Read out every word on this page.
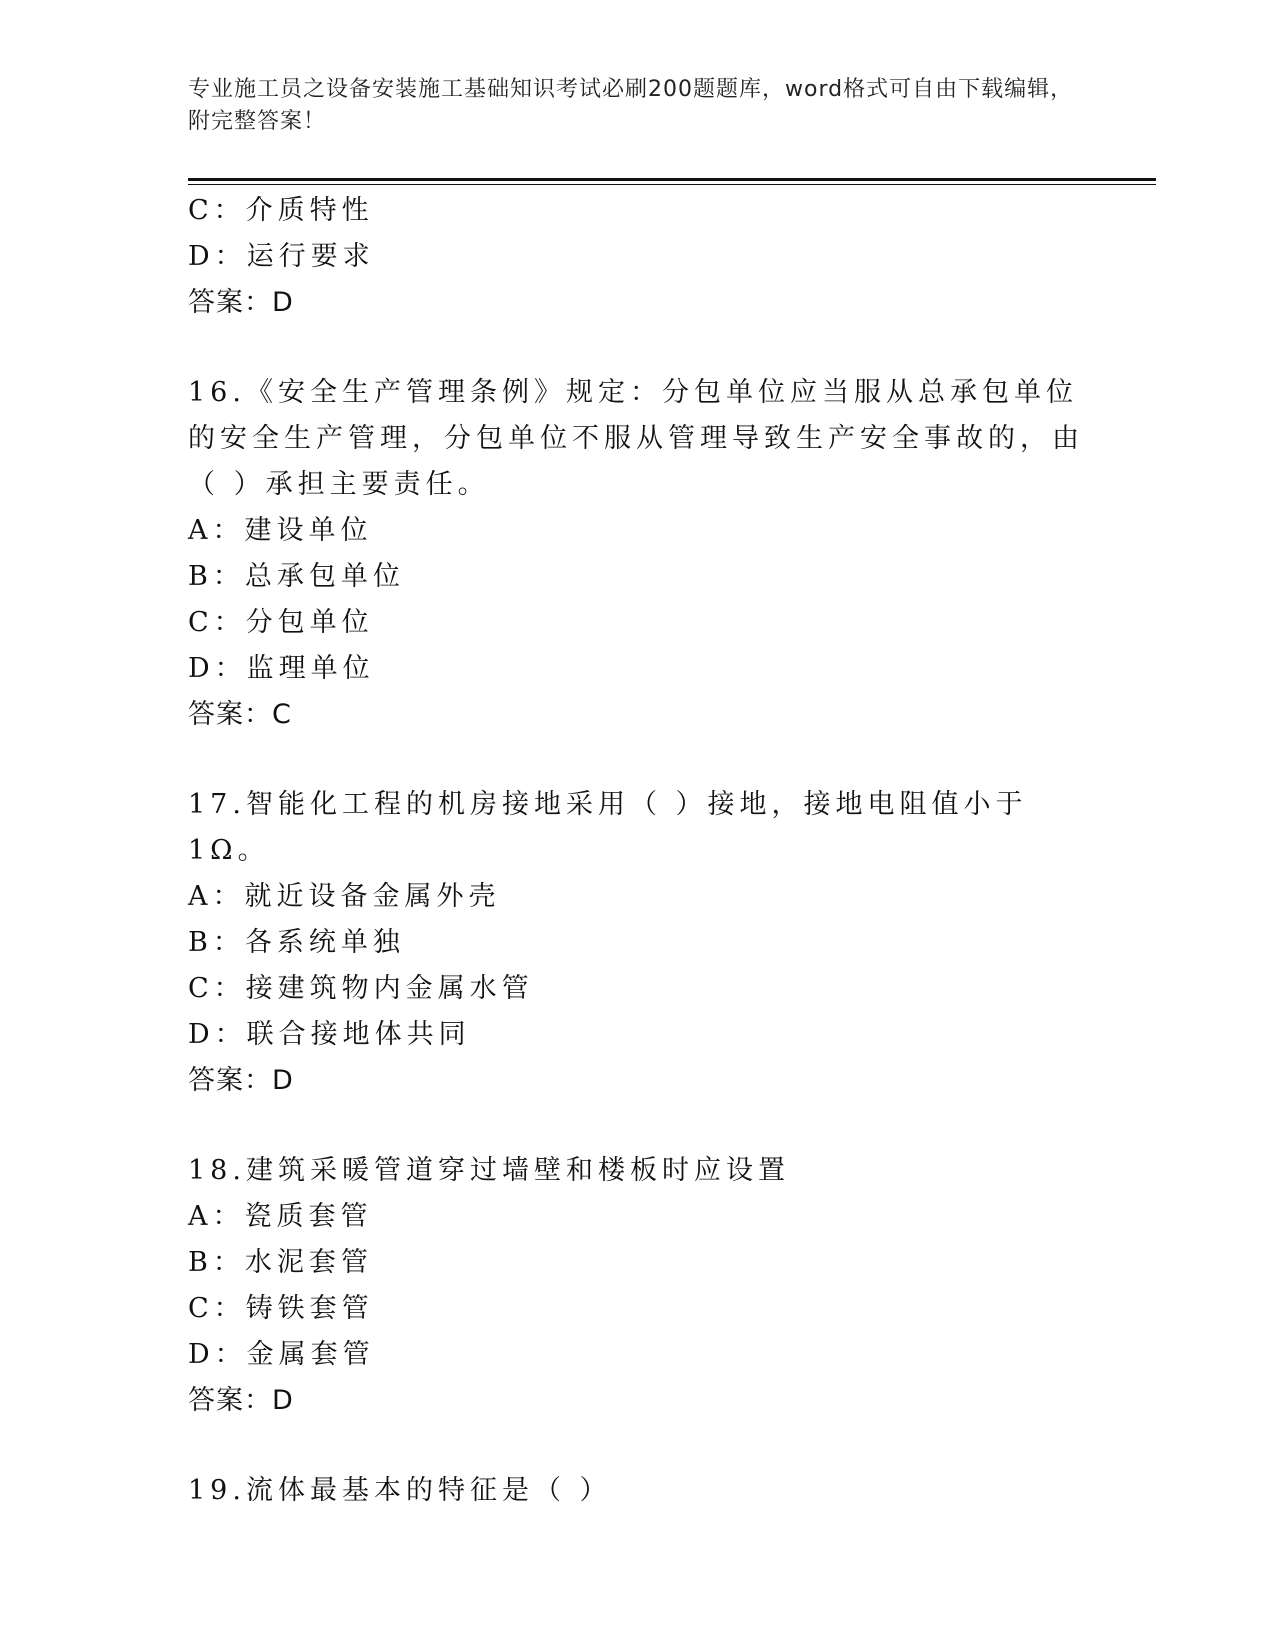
专业施工员之设备安装施工基础知识考试必刷200题题库，word格式可自由下载编辑，附完整答案！
C：介质特性
D：运行要求
答案：D
16.《安全生产管理条例》规定：分包单位应当服从总承包单位的安全生产管理，分包单位不服从管理导致生产安全事故的，由（ ）承担主要责任。
A：建设单位
B：总承包单位
C：分包单位
D：监理单位
答案：C
17.智能化工程的机房接地采用（ ）接地，接地电阻值小于1Ω。
A：就近设备金属外壳
B：各系统单独
C：接建筑物内金属水管
D：联合接地体共同
答案：D
18.建筑采暖管道穿过墙壁和楼板时应设置
A：瓷质套管
B：水泥套管
C：铸铁套管
D：金属套管
答案：D
19.流体最基本的特征是（ ）
